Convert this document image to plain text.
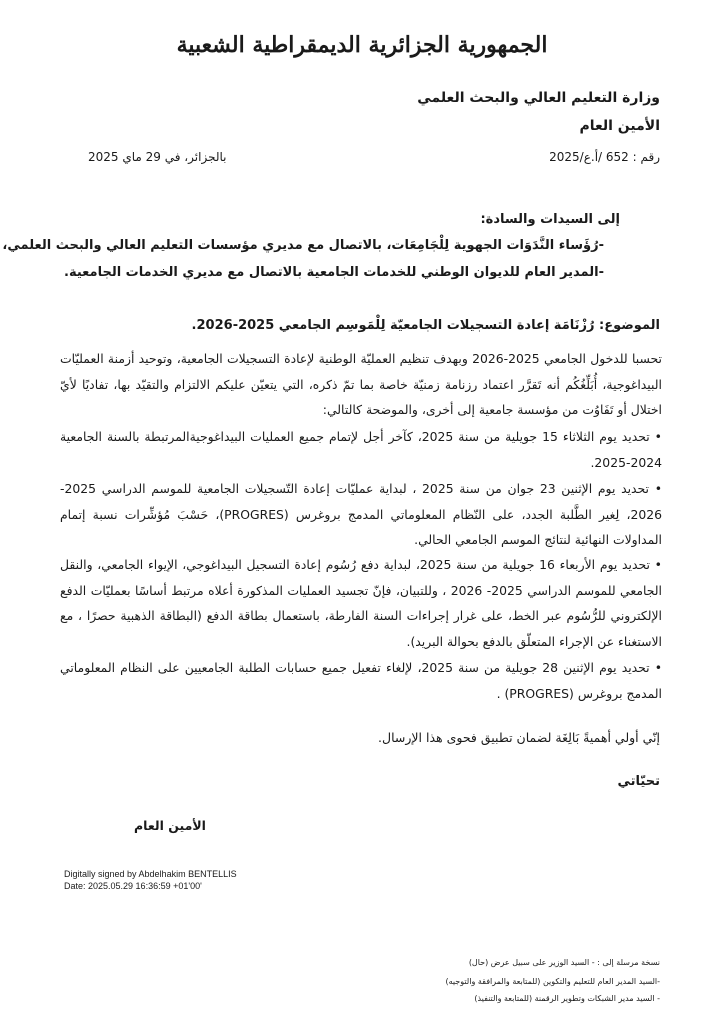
الجمهورية الجزائرية الديمقراطية الشعبية
وزارة التعليم العالي والبحث العلمي
الأمين العام
رقم : 652 /أ.ع/2025
بالجزائر، في 29 ماي 2025
إلى السيدات والسادة:
-رُؤَساء النَّدَوَات الجهوية لِلْجَامِعَات، بالاتصال مع مديري مؤسسات التعليم العالي والبحث العلمي،
-المدير العام للديوان الوطني للخدمات الجامعية بالاتصال مع مديري الخدمات الجامعية.
الموضوع: رُزْنَامَة إعادة التسجيلات الجامعيّة لِلْمَوسِم الجامعي 2025-2026.
تحسبا للدخول الجامعي 2025-2026 وبهدف تنظيم العمليّة الوطنية لإعادة التسجيلات الجامعية، وتوحيد أزمنة العمليّات البيداغوجية، أُبَلِّغُكُم أنه تَقرَّر اعتماد رزنامة زمنيّة خاصة بما تمّ ذكره، التي يتعيّن عليكم الالتزام والتقيّد بها، تفاديًا لأيّ اختلال أو تَفَاوُت من مؤسسة جامعية إلى أخرى، والموضحة كالتالي:
• تحديد يوم الثلاثاء 15 جويلية من سنة 2025، كآخر أجل لإتمام جميع العمليات البيداغوجيةالمرتبطة بالسنة الجامعية 2024-2025.
• تحديد يوم الإثنين 23 جوان من سنة 2025 ، لبداية عمليّات إعادة التّسجيلات الجامعية للموسم الدراسي 2025-2026، لِغير الطَّلبة الجدد، على النّظام المعلوماتي المدمج بروغرس (PROGRES)، حَسْبَ مُؤشِّرات نسبة إتمام المداولات النهائية لنتائج الموسم الجامعي الحالي.
• تحديد يوم الأربعاء 16 جويلية من سنة 2025، لبداية دفع رُسُوم إعادة التسجيل البيداغوجي، الإيواء الجامعي، والنقل الجامعي للموسم الدراسي 2025- 2026 ، وللتبيان، فإنّ تجسيد العمليات المذكورة أعلاه مرتبط أساسًا بعمليّات الدفع الإلكتروني للرُّسُوم عبر الخط، على غرار إجراءات السنة الفارطة، باستعمال بطاقة الدفع (البطاقة الذهبية حصرًا ، مع الاستغناء عن الإجراء المتعلّق بالدفع بحوالة البريد).
• تحديد يوم الإثنين 28 جويلية من سنة 2025، لإلغاء تفعيل جميع حسابات الطلبة الجامعيين على النظام المعلوماتي المدمج بروغرس (PROGRES) .
إنّي أولي أهميةً بَالِغَة لضمان تطبيق فحوى هذا الإرسال.
تحيّاتي
الأمين العام
Digitally signed by Abdelhakim BENTELLIS
Date: 2025.05.29 16:36:59 +01'00'
نسخة مرسلة إلى : - السيد الوزير على سبيل عرض (حال)
-السيد المدير العام للتعليم والتكوين (للمتابعة والمرافقة والتوجيه)
- السيد مدير الشبكات وتطوير الرقمنة (للمتابعة والتنفيذ)
